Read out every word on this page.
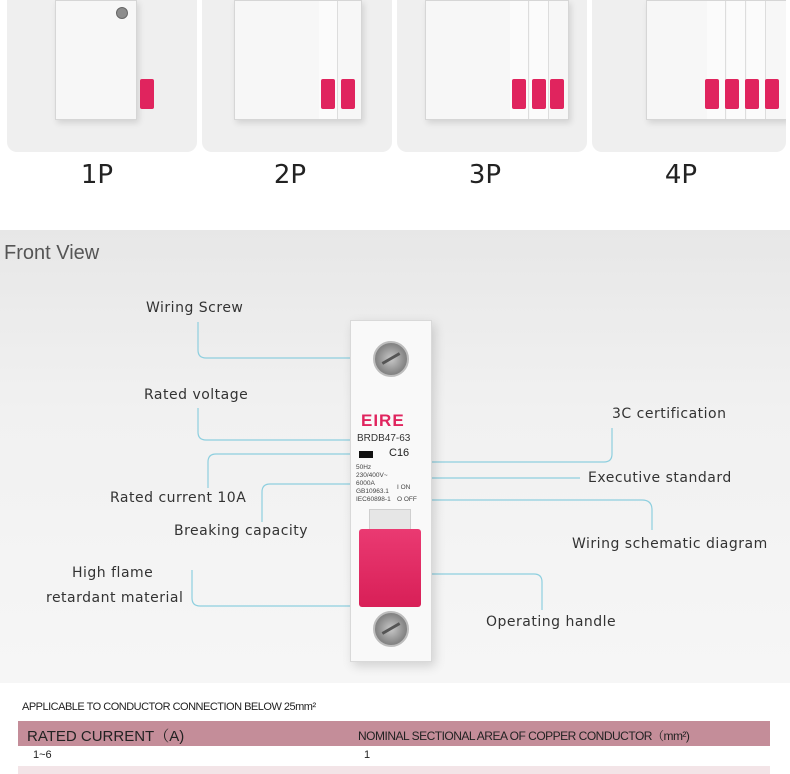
1P	2P	3P	4P
Front View
Wiring Screw
Rated voltage
Rated current 10A
Breaking capacity
High flame
retardant material
3C certification
Executive standard
Wiring schematic diagram
Operating handle
EIRE
BRDB47-63
C16
50Hz
230/400V~
6000A
GB10963.1
IEC60898-1
I ON
O OFF
APPLICABLE TO CONDUCTOR CONNECTION BELOW 25mm²
RATED CURRENT（A)	NOMINAL SECTIONAL AREA OF COPPER CONDUCTOR（mm²)
1~6	1
